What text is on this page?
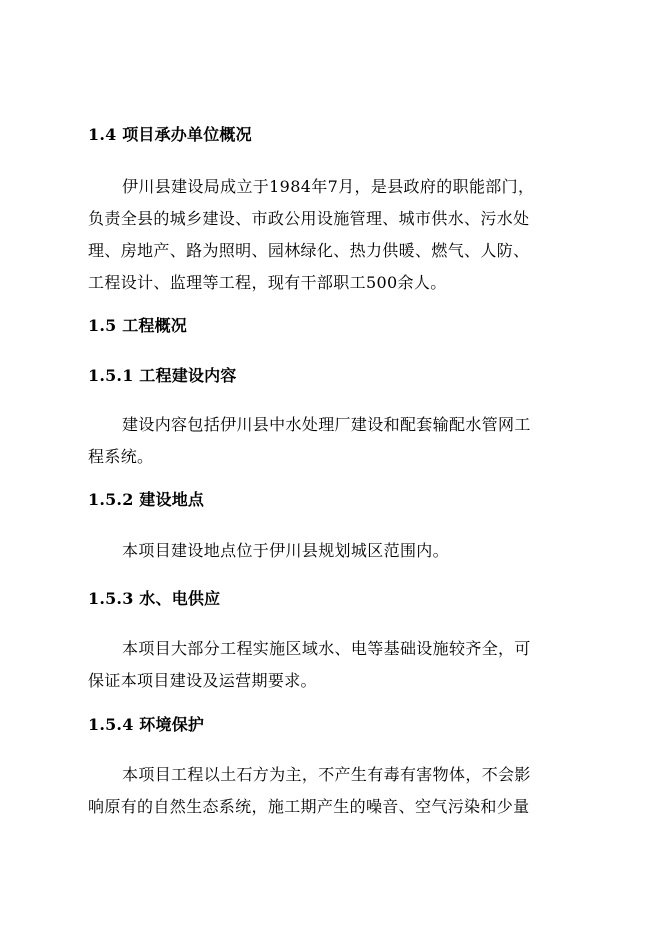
1.4 项目承办单位概况
伊川县建设局成立于1984年7月，是县政府的职能部门，
负责全县的城乡建设、市政公用设施管理、城市供水、污水处
理、房地产、路为照明、园林绿化、热力供暖、燃气、人防、
工程设计、监理等工程，现有干部职工500余人。
1.5 工程概况
1.5.1 工程建设内容
建设内容包括伊川县中水处理厂建设和配套输配水管网工
程系统。
1.5.2 建设地点
本项目建设地点位于伊川县规划城区范围内。
1.5.3 水、电供应
本项目大部分工程实施区域水、电等基础设施较齐全，可
保证本项目建设及运营期要求。
1.5.4 环境保护
本项目工程以土石方为主，不产生有毒有害物体，不会影
响原有的自然生态系统，施工期产生的噪音、空气污染和少量
